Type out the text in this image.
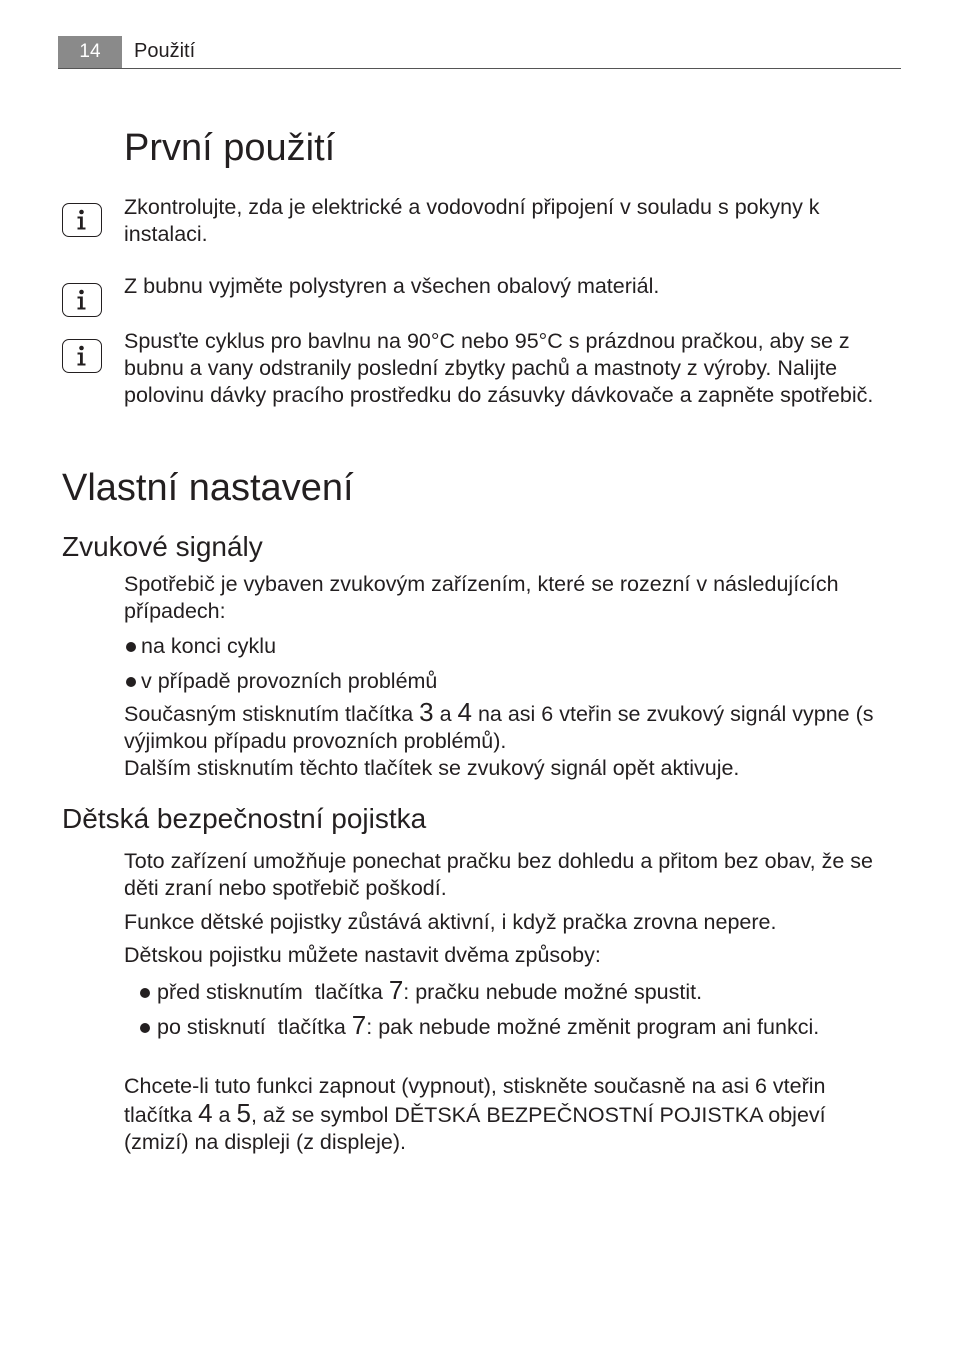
14	Použití
První použití

Zkontrolujte, zda je elektrické a vodovodní připojení v souladu s pokyny k instalaci.

Z bubnu vyjměte polystyren a všechen obalový materiál.

Spusťte cyklus pro bavlnu na 90°C nebo 95°C s prázdnou pračkou, aby se z bubnu a vany odstranily poslední zbytky pachů a mastnoty z výroby. Nalijte polovinu dávky pracího prostředku do zásuvky dávkovače a zapněte spotřebič.

Vlastní nastavení
Zvukové signály

Spotřebič je vybaven zvukovým zařízením, které se rozezní v následujících případech:

na konci cyklu

v případě provozních problémů

Současným stisknutím tlačítka 3 a 4 na asi 6 vteřin se zvukový signál vypne (s výjimkou případu provozních problémů).

Dalším stisknutím těchto tlačítek se zvukový signál opět aktivuje.

Dětská bezpečnostní pojistka

Toto zařízení umožňuje ponechat pračku bez dohledu a přitom bez obav, že se děti zraní nebo spotřebič poškodí.

Funkce dětské pojistky zůstává aktivní, i když pračka zrovna nepere.

Dětskou pojistku můžete nastavit dvěma způsoby:

před stisknutím  tlačítka 7: pračku nebude možné spustit.

po stisknutí  tlačítka 7: pak nebude možné změnit program ani funkci.

Chcete-li tuto funkci zapnout (vypnout), stiskněte současně na asi 6 vteřin tlačítka 4 a 5, až se symbol DĚTSKÁ BEZPEČNOSTNÍ POJISTKA objeví (zmizí) na displeji (z displeje).
